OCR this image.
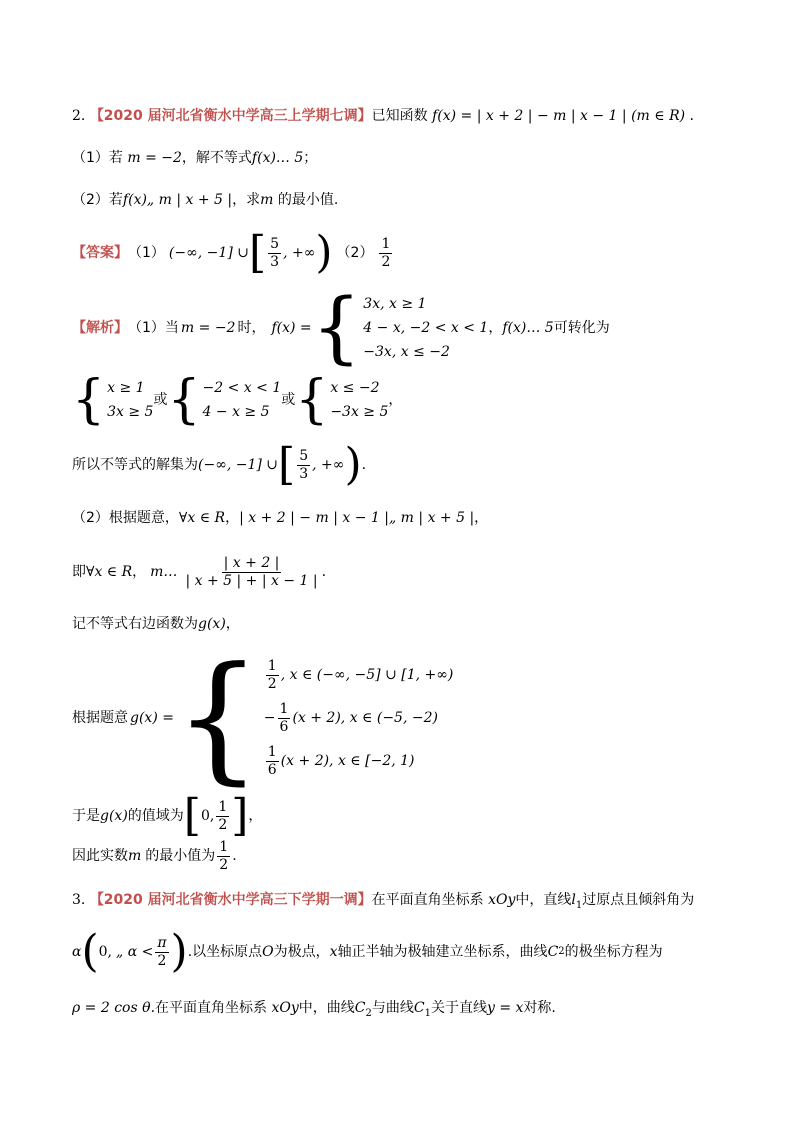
2. 【2020 届河北省衡水中学高三上学期七调】已知函数 f(x) = | x + 2 | − m | x − 1 | (m ∈ R) .
（1）若 m = −2，解不等式f(x)… 5；
（2）若f(x)„ m | x + 5 |，求m 的最小值.
【答案】 （1） (−∞, −1] ∪ [ $\frac{5}{3}$ , +∞ ) $(2) \frac{1}{2}$
【解析】 （1）当 m = −2 时， f(x) = { 3x, x ≥ 1
4 − x, −2 < x < 1
−3x, x ≤ −2
， f(x)… 5 可转化为
{ x ≥ 1
3x ≥ 5
或 { −2 < x < 1
4 − x ≥ 5
或 { x ≤ −2
−3x ≥ 5
，
所以不等式的解集为 (−∞, −1] ∪ [ $\frac{5}{3}$ , +∞ ) .
（2）根据题意，∀x ∈ R，| x + 2 | − m | x − 1 |„ m | x + 5 |，
即 ∀x ∈ R ， m… $\frac{| x + 2 |}{| x + 5 | + | x - 1 |}$ .
记不等式右边函数为g(x)，
根据题意 g(x) = { $\frac{1}{2}$ , x ∈ (−∞, −5] ∪ [1, +∞)
− $\frac{1}{6} (x + 2)$, x ∈ (−5, −2)
$\frac{1}{6} (x + 2)$, x ∈ [−2, 1)
于是 g(x) 的值域为 [ 0, $\frac{1}{2}$ ] ，
因此实数 m 的最小值为 $\frac{1}{2}$ .
3. 【2020 届河北省衡水中学高三下学期一调】在平面直角坐标系 xOy中，直线$l_1$过原点且倾斜角为
α ( 0, „ $\alpha < \frac{\pi}{2}$ ) .以坐标原点 O 为极点， x 轴正半轴为极轴建立坐标系，曲线 C 2 的极坐标方程为
ρ = 2 cos θ.在平面直角坐标系 xOy中，曲线$C_2$与曲线$C_1$关于直线y = x对称.
